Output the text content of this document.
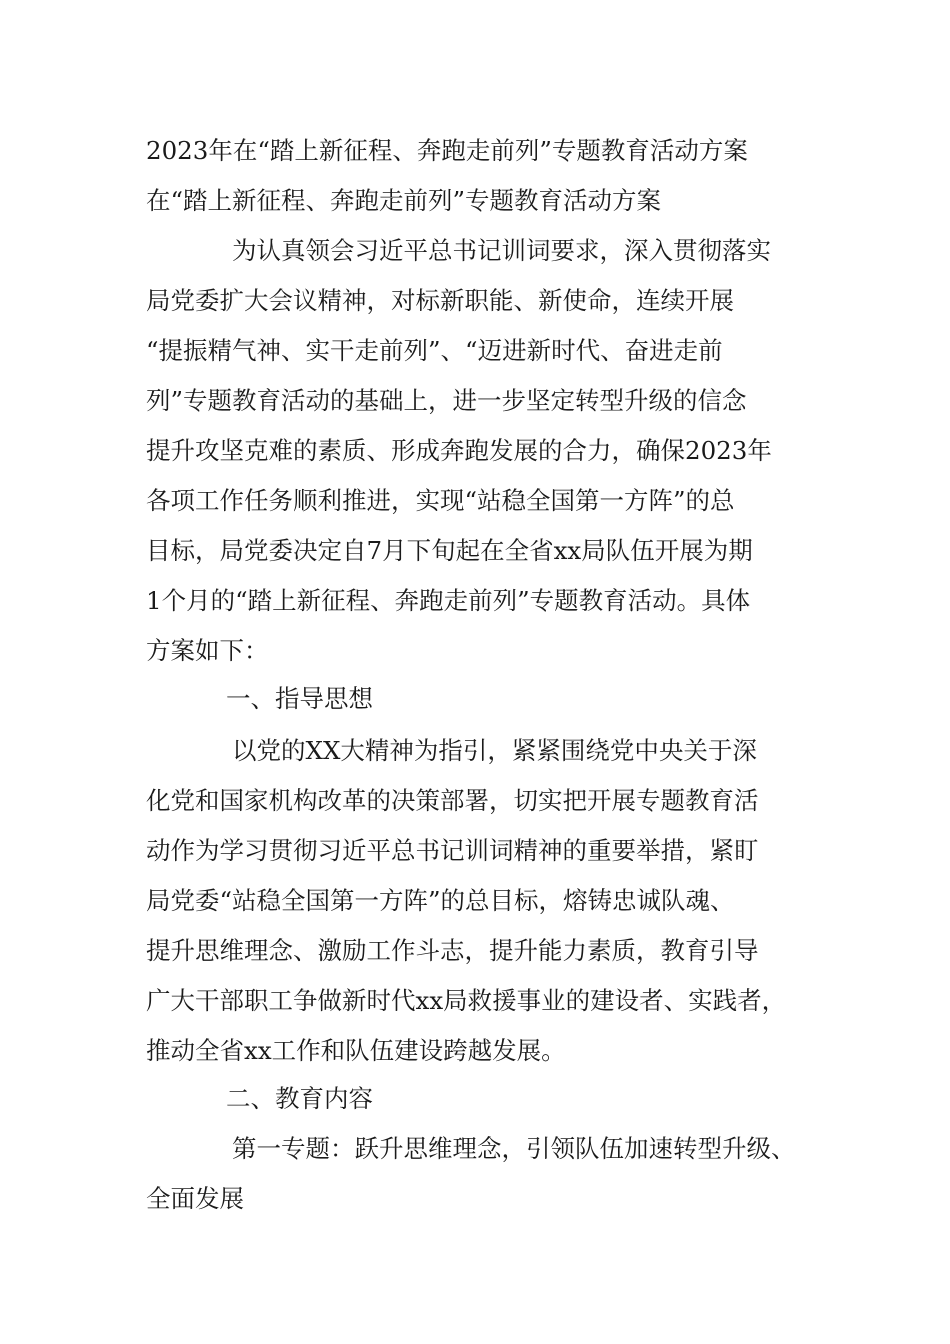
2023年在“踏上新征程、奔跑走前列”专题教育活动方案

在“踏上新征程、奔跑走前列”专题教育活动方案

为认真领会习近平总书记训词要求，深入贯彻落实

局党委扩大会议精神，对标新职能、新使命，连续开展

“提振精气神、实干走前列”、“迈进新时代、奋进走前

列”专题教育活动的基础上，进一步坚定转型升级的信念

提升攻坚克难的素质、形成奔跑发展的合力，确保2023年

各项工作任务顺利推进，实现“站稳全国第一方阵”的总

目标，局党委决定自7月下旬起在全省xx局队伍开展为期

1个月的“踏上新征程、奔跑走前列”专题教育活动。具体

方案如下：

一、指导思想

以党的XX大精神为指引，紧紧围绕党中央关于深

化党和国家机构改革的决策部署，切实把开展专题教育活

动作为学习贯彻习近平总书记训词精神的重要举措，紧盯

局党委“站稳全国第一方阵”的总目标，熔铸忠诚队魂、

提升思维理念、激励工作斗志，提升能力素质，教育引导

广大干部职工争做新时代xx局救援事业的建设者、实践者，

推动全省xx工作和队伍建设跨越发展。

二、教育内容

第一专题：跃升思维理念，引领队伍加速转型升级、

全面发展
